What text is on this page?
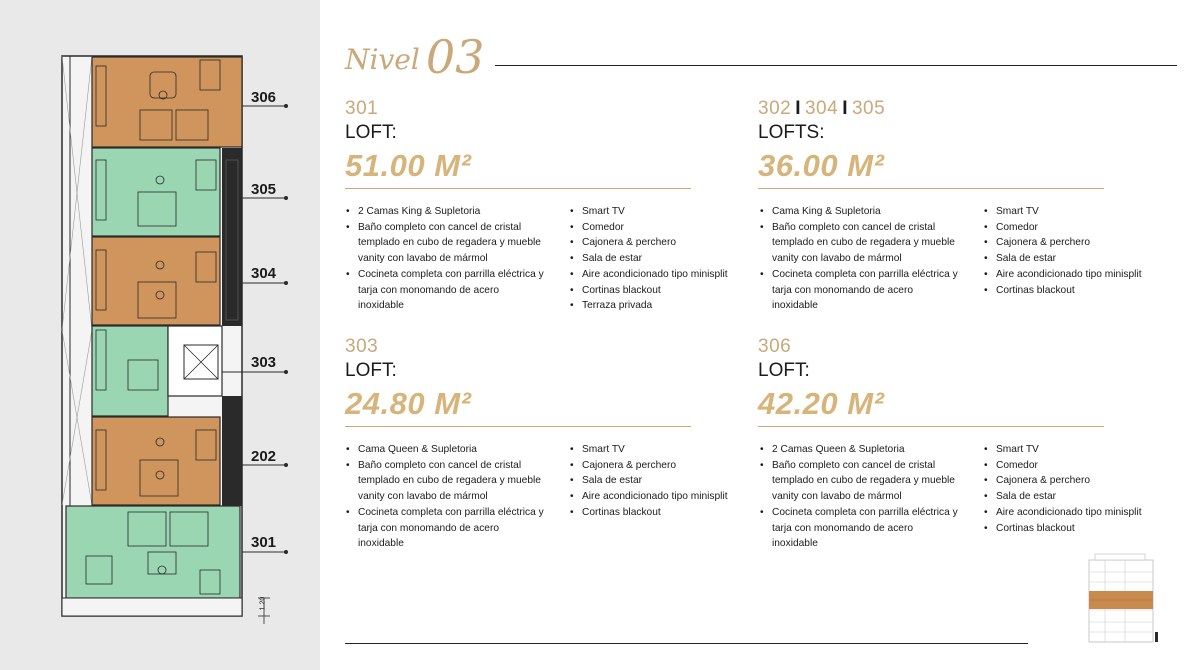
306
305
304
303
202
301
1.20
Nivel 03
301
LOFT:
51.00 M²
• 2 Camas King & Supletoria
• Baño completo con cancel de cristal templado en cubo de regadera y mueble vanity con lavabo de mármol
• Cocineta completa con parrilla eléctrica y tarja con monomando de acero inoxidable
• Smart TV
• Comedor
• Cajonera & perchero
• Sala de estar
• Aire acondicionado tipo minisplit
• Cortinas blackout
• Terraza privada
302 I 304 I 305
LOFTS:
36.00 M²
• Cama King & Supletoria
• Baño completo con cancel de cristal templado en cubo de regadera y mueble vanity con lavabo de mármol
• Cocineta completa con parrilla eléctrica y tarja con monomando de acero inoxidable
• Smart TV
• Comedor
• Cajonera & perchero
• Sala de estar
• Aire acondicionado tipo minisplit
• Cortinas blackout
303
LOFT:
24.80 M²
• Cama Queen & Supletoria
• Baño completo con cancel de cristal templado en cubo de regadera y mueble vanity con lavabo de mármol
• Cocineta completa con parrilla eléctrica y tarja con monomando de acero inoxidable
• Smart TV
• Cajonera & perchero
• Sala de estar
• Aire acondicionado tipo minisplit
• Cortinas blackout
306
LOFT:
42.20 M²
• 2 Camas Queen & Supletoria
• Baño completo con cancel de cristal templado en cubo de regadera y mueble vanity con lavabo de mármol
• Cocineta completa con parrilla eléctrica y tarja con monomando de acero inoxidable
• Smart TV
• Comedor
• Cajonera & perchero
• Sala de estar
• Aire acondicionado tipo minisplit
• Cortinas blackout
